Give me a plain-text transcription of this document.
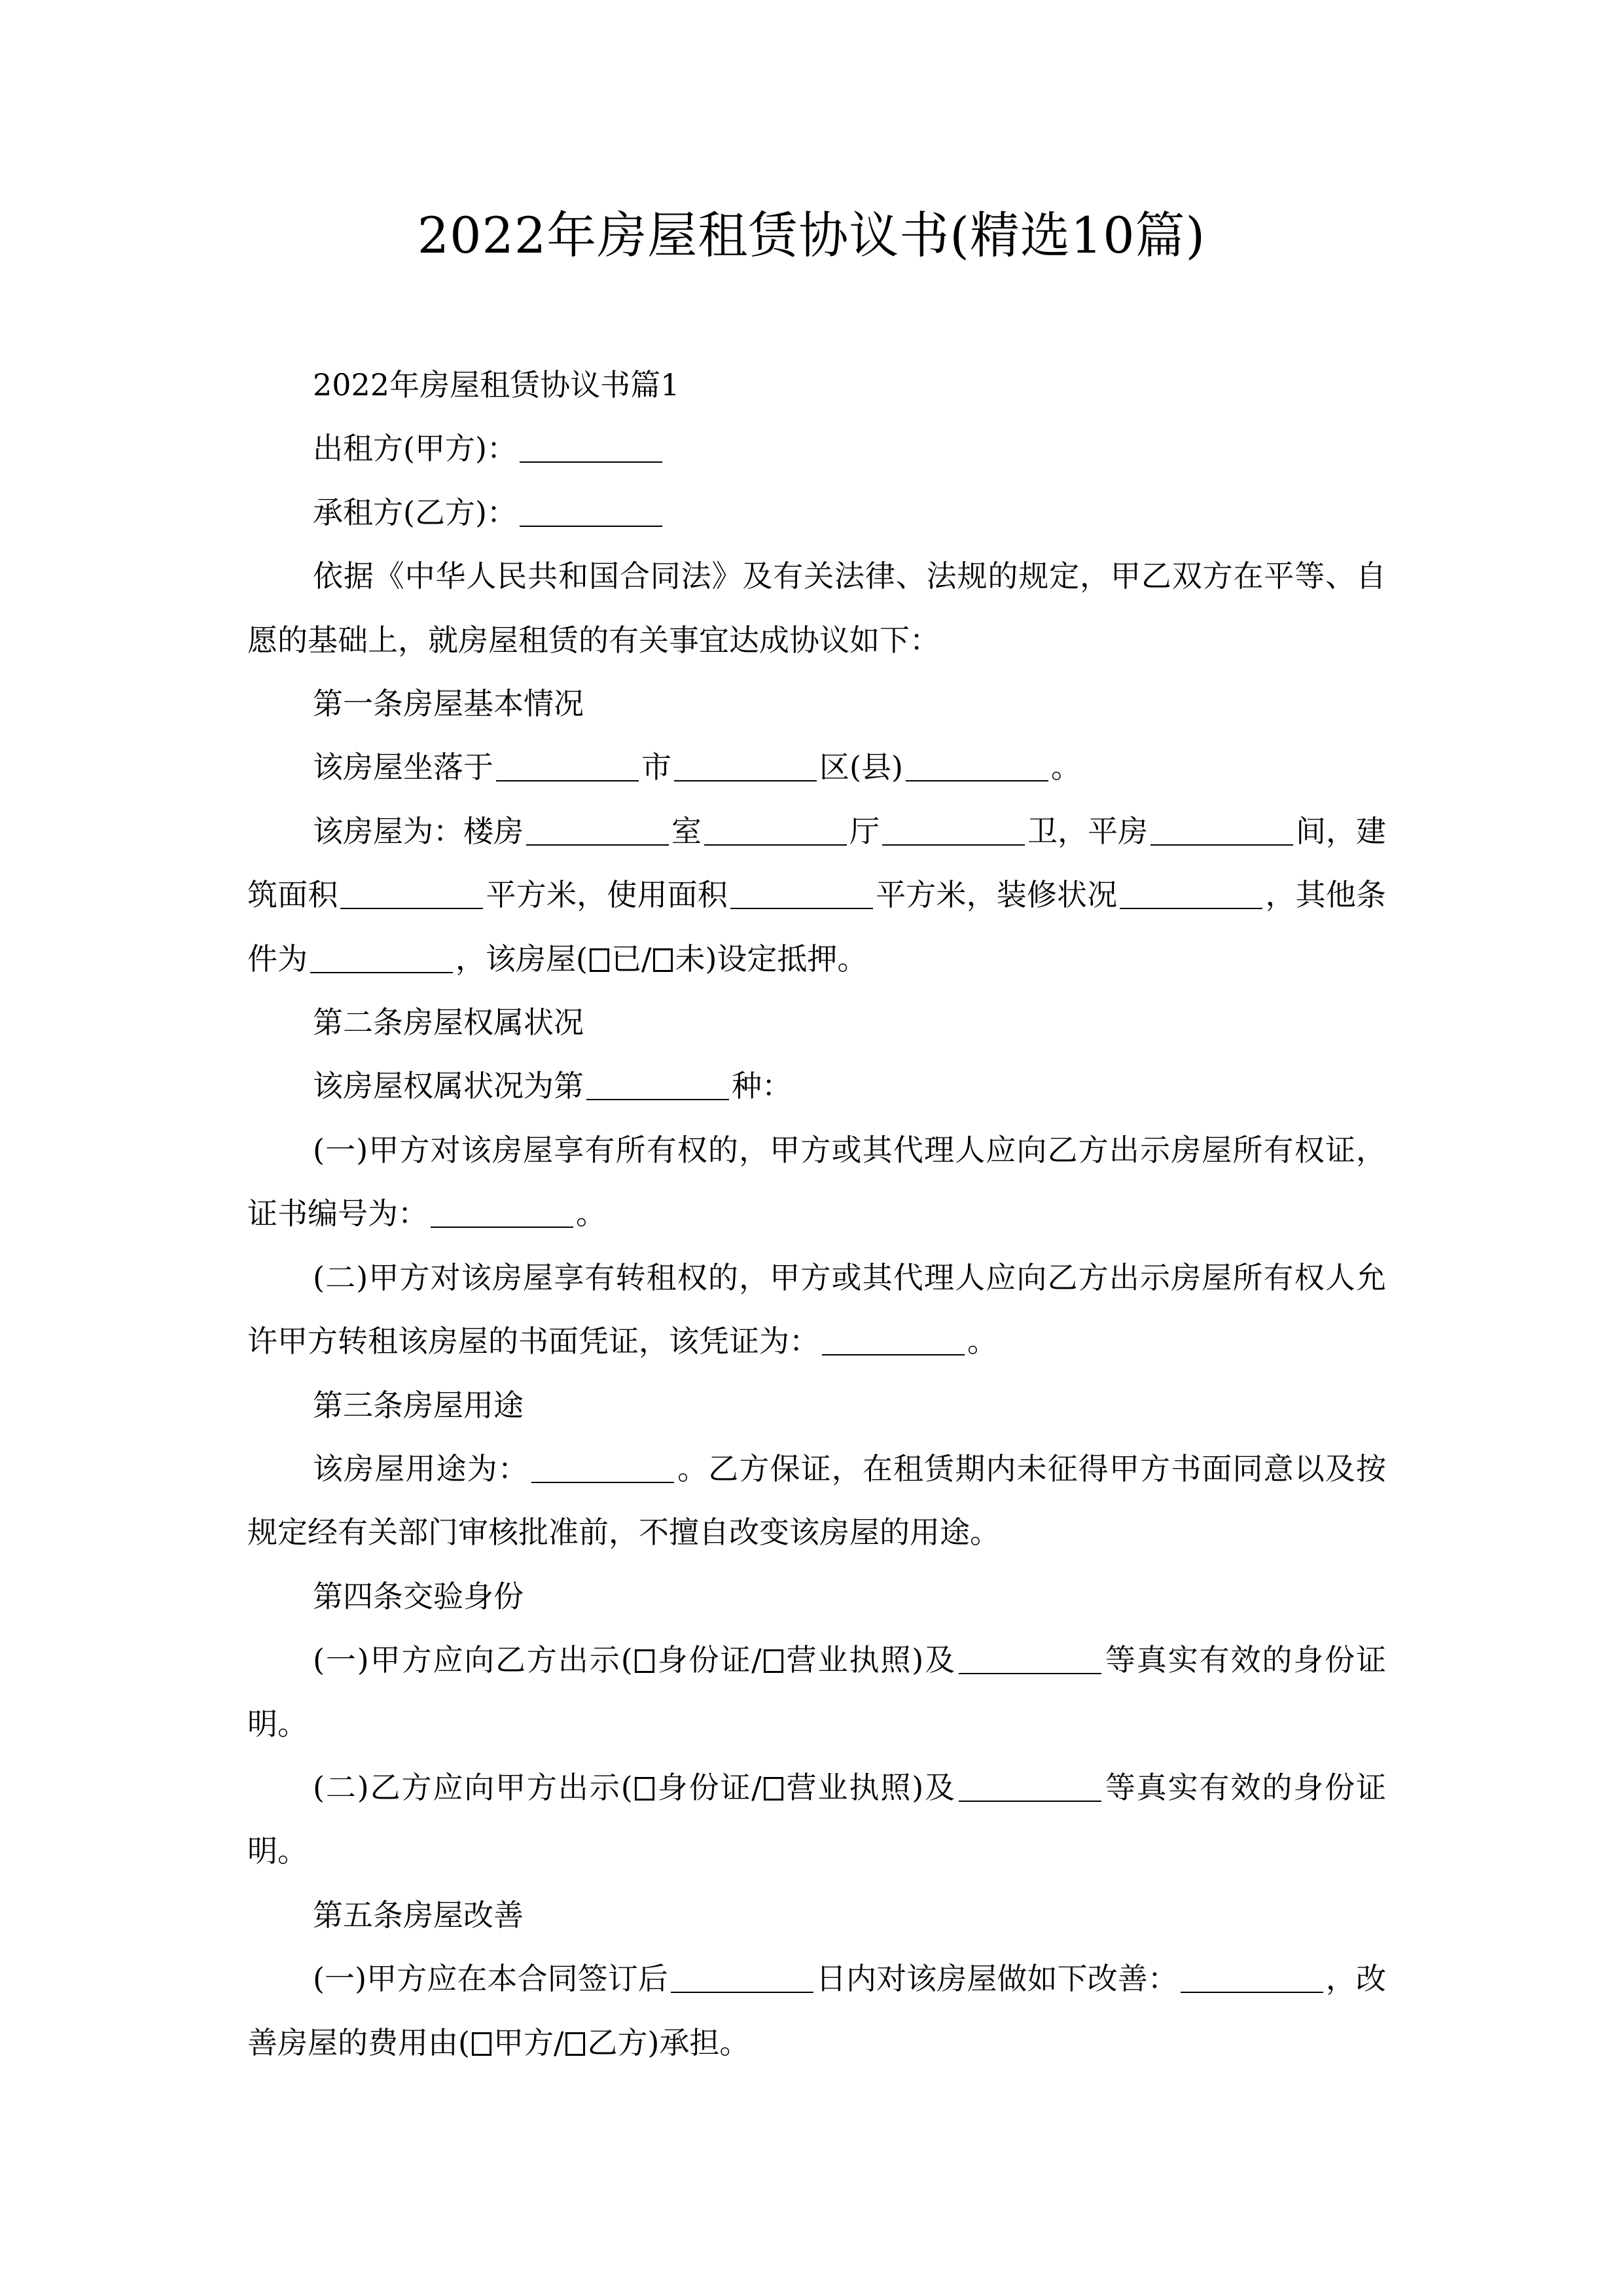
2022年房屋租赁协议书(精选10篇)

2022年房屋租赁协议书篇1

出租方(甲方)：

承租方(乙方)：

依据《中华人民共和国合同法》及有关法律、法规的规定，甲乙双方在平等、自愿的基础上，就房屋租赁的有关事宜达成协议如下：

第一条房屋基本情况

该房屋坐落于	市	区(县)	。

该房屋为：楼房	室	厅	卫，平房	间，建筑面积	平方米，使用面积	平方米，装修状况	，其他条件为	，该房屋( 已/ 未)设定抵押。

第二条房屋权属状况

该房屋权属状况为第	种：

(一)甲方对该房屋享有所有权的，甲方或其代理人应向乙方出示房屋所有权证，证书编号为：	。

(二)甲方对该房屋享有转租权的，甲方或其代理人应向乙方出示房屋所有权人允许甲方转租该房屋的书面凭证，该凭证为：	。

第三条房屋用途

该房屋用途为：	。乙方保证，在租赁期内未征得甲方书面同意以及按规定经有关部门审核批准前，不擅自改变该房屋的用途。

第四条交验身份

(一)甲方应向乙方出示( 身份证/ 营业执照)及	等真实有效的身份证明。

(二)乙方应向甲方出示( 身份证/ 营业执照)及	等真实有效的身份证明。

第五条房屋改善

(一)甲方应在本合同签订后	日内对该房屋做如下改善：	，改善房屋的费用由( 甲方/ 乙方)承担。
